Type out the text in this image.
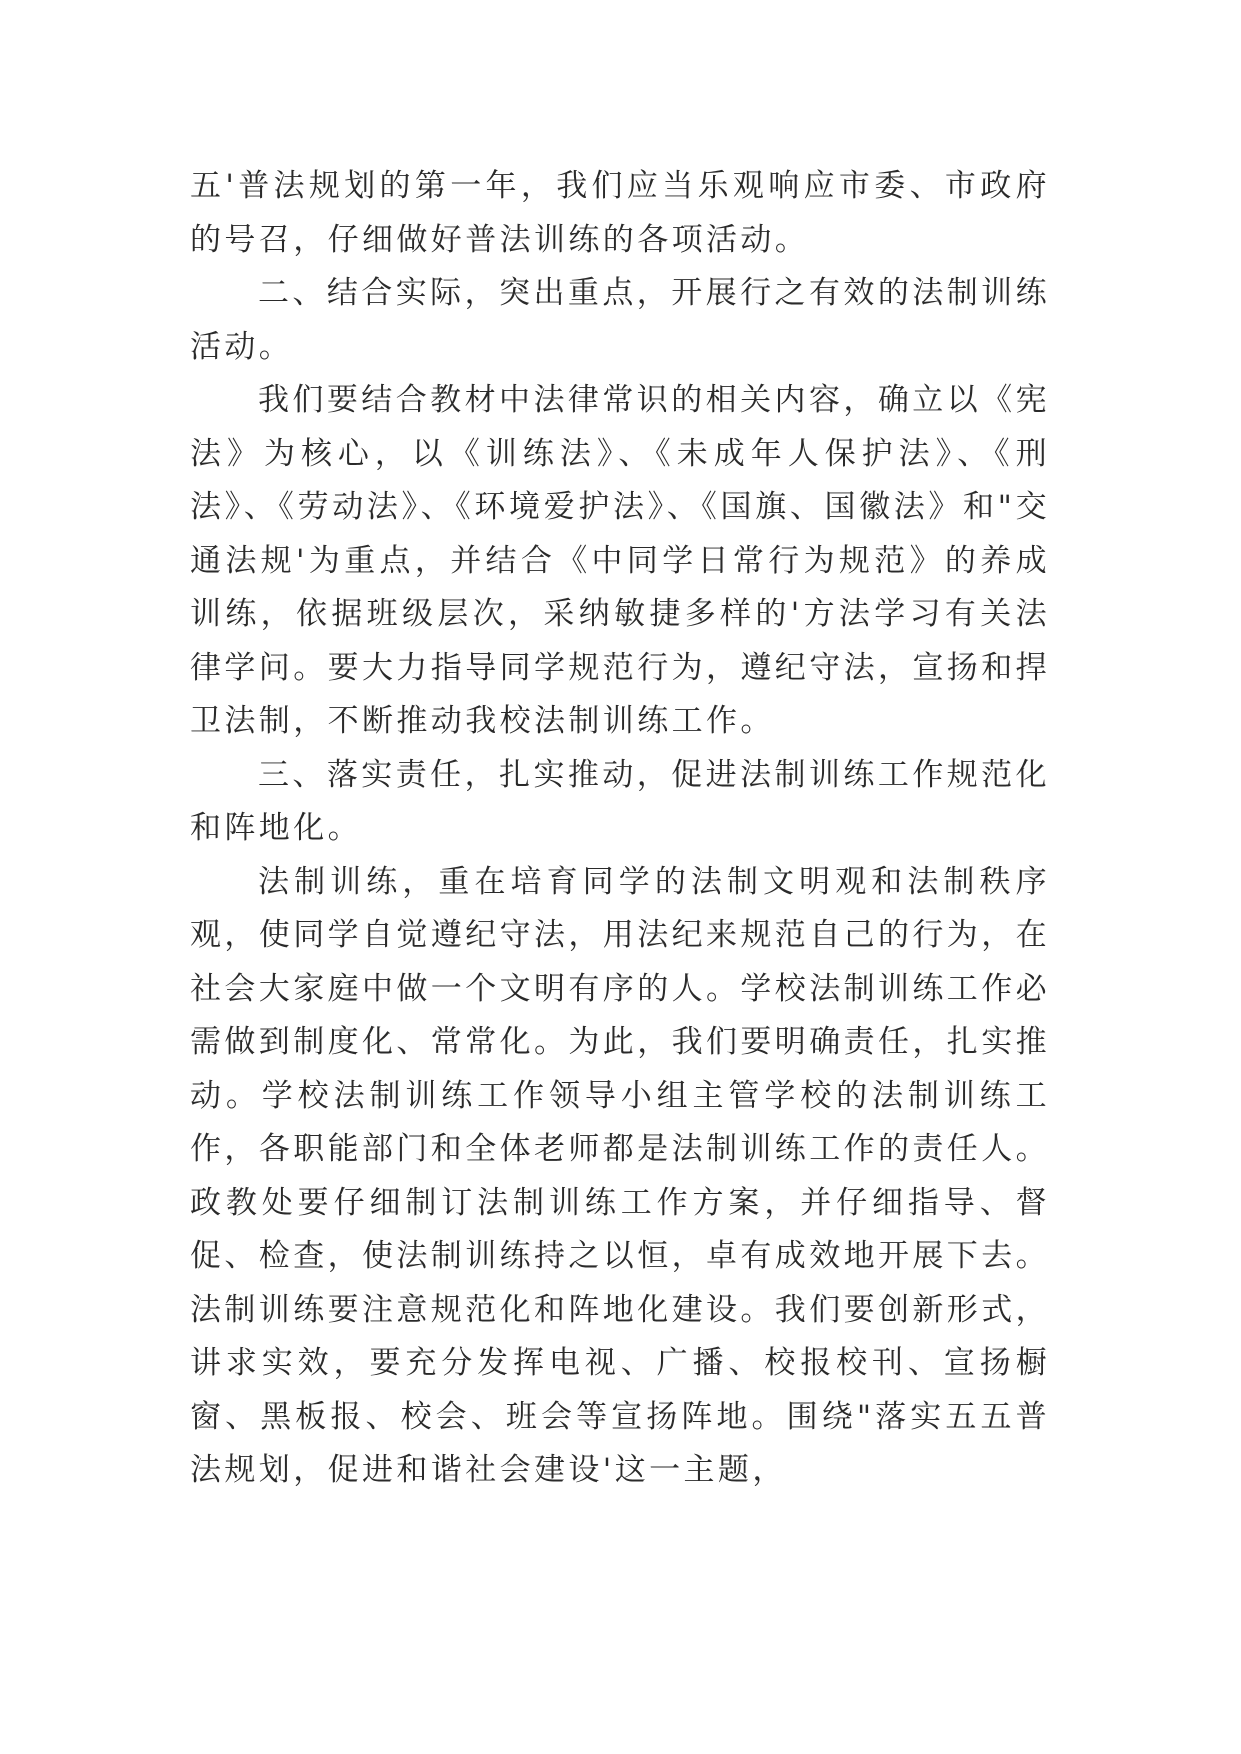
五'普法规划的第一年，我们应当乐观响应市委、市政府的号召，仔细做好普法训练的各项活动。

二、结合实际，突出重点，开展行之有效的法制训练活动。

我们要结合教材中法律常识的相关内容，确立以《宪法》为核心，以《训练法》、《未成年人保护法》、《刑法》、《劳动法》、《环境爱护法》、《国旗、国徽法》和"交通法规'为重点，并结合《中同学日常行为规范》的养成训练，依据班级层次，采纳敏捷多样的'方法学习有关法律学问。要大力指导同学规范行为，遵纪守法，宣扬和捍卫法制，不断推动我校法制训练工作。

三、落实责任，扎实推动，促进法制训练工作规范化和阵地化。

法制训练，重在培育同学的法制文明观和法制秩序观，使同学自觉遵纪守法，用法纪来规范自己的行为，在社会大家庭中做一个文明有序的人。学校法制训练工作必需做到制度化、常常化。为此，我们要明确责任，扎实推动。学校法制训练工作领导小组主管学校的法制训练工作，各职能部门和全体老师都是法制训练工作的责任人。政教处要仔细制订法制训练工作方案，并仔细指导、督促、检查，使法制训练持之以恒，卓有成效地开展下去。法制训练要注意规范化和阵地化建设。我们要创新形式，讲求实效，要充分发挥电视、广播、校报校刊、宣扬橱窗、黑板报、校会、班会等宣扬阵地。围绕"落实五五普法规划，促进和谐社会建设'这一主题，
